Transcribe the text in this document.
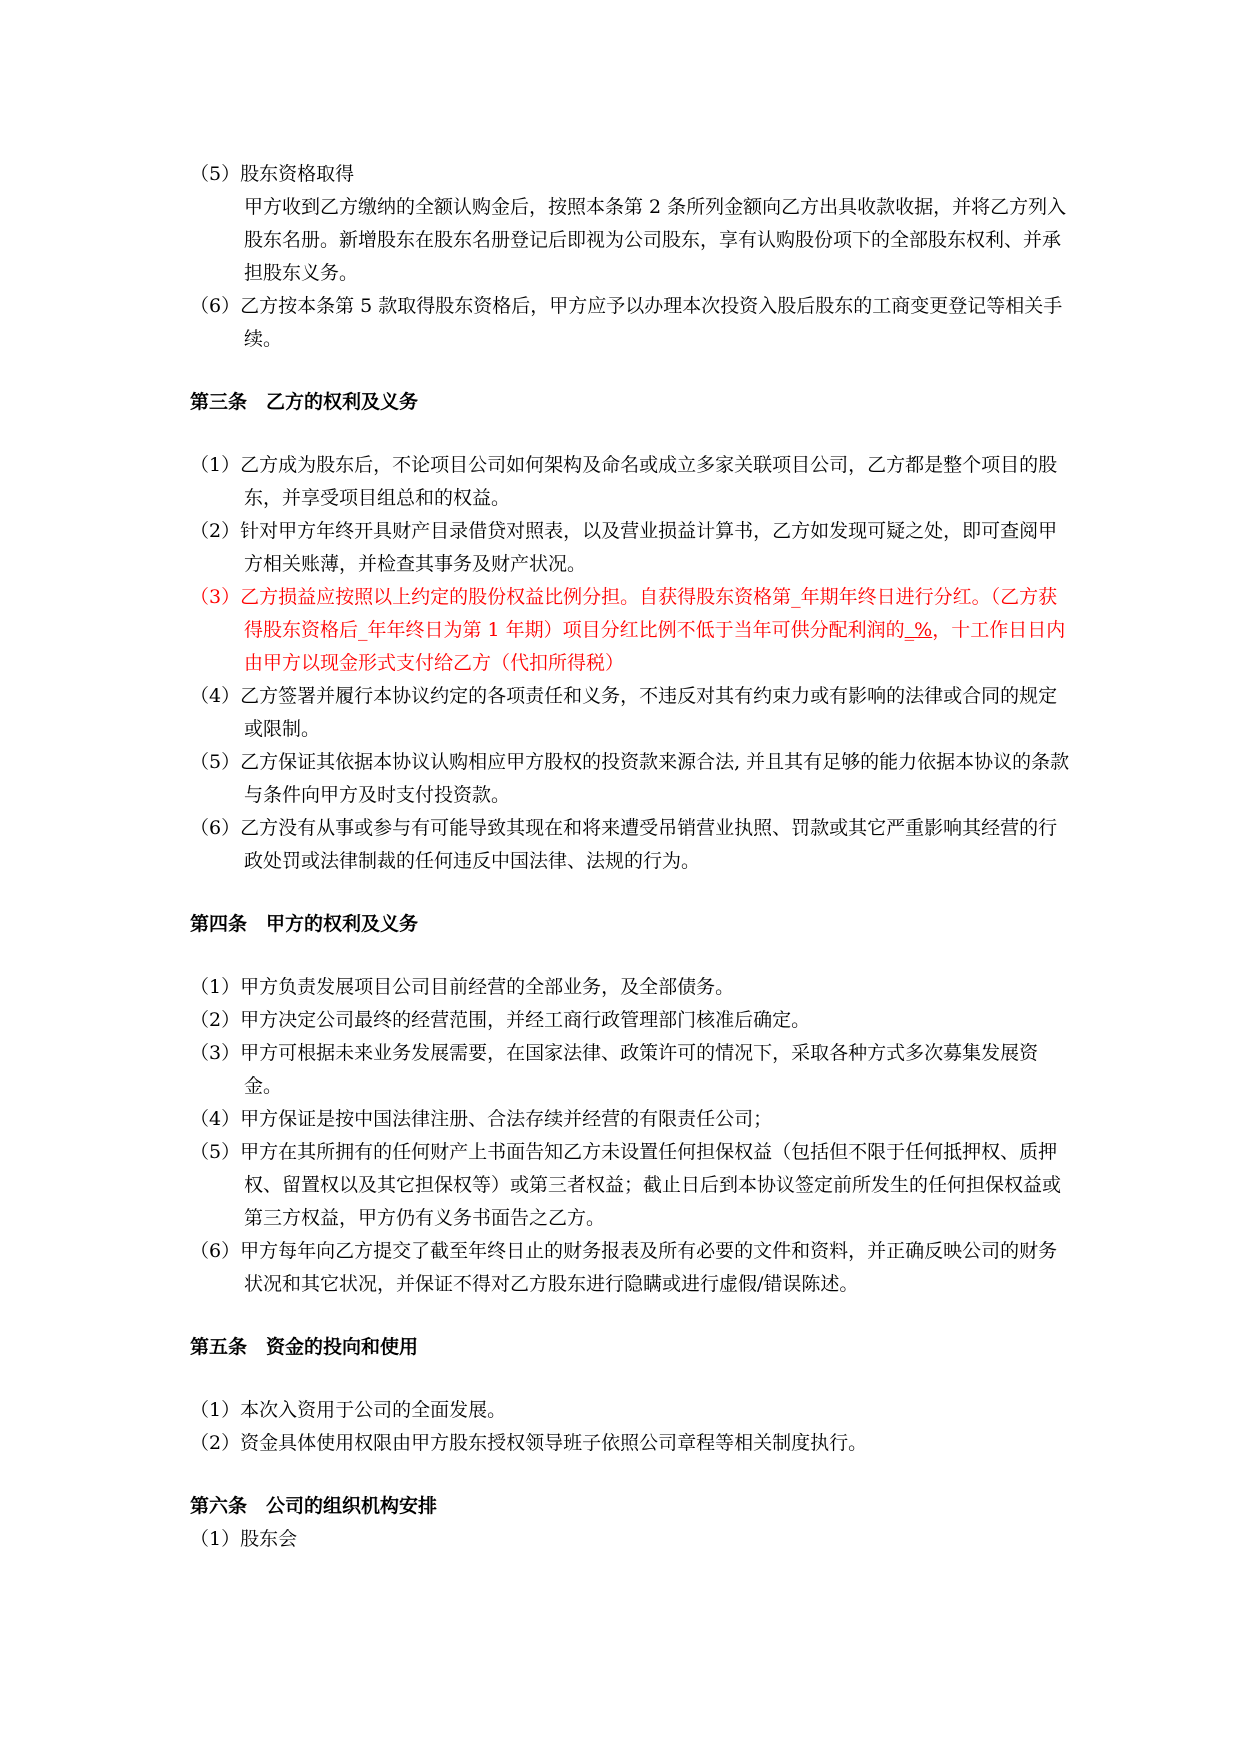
（5）股东资格取得

甲方收到乙方缴纳的全额认购金后，按照本条第 2 条所列金额向乙方出具收款收据，并将乙方列入股东名册。新增股东在股东名册登记后即视为公司股东，享有认购股份项下的全部股东权利、并承担股东义务。

（6）乙方按本条第 5 款取得股东资格后，甲方应予以办理本次投资入股后股东的工商变更登记等相关手续。

第三条　乙方的权利及义务

（1）乙方成为股东后，不论项目公司如何架构及命名或成立多家关联项目公司，乙方都是整个项目的股东，并享受项目组总和的权益。

（2）针对甲方年终开具财产目录借贷对照表，以及营业损益计算书，乙方如发现可疑之处，即可查阅甲方相关账薄，并检查其事务及财产状况。

（3）乙方损益应按照以上约定的股份权益比例分担。自获得股东资格第_年期年终日进行分红。（乙方获得股东资格后_年年终日为第 1 年期）项目分红比例不低于当年可供分配利润的_%，十工作日日内由甲方以现金形式支付给乙方（代扣所得税）

（4）乙方签署并履行本协议约定的各项责任和义务，不违反对其有约束力或有影响的法律或合同的规定或限制。

（5）乙方保证其依据本协议认购相应甲方股权的投资款来源合法, 并且其有足够的能力依据本协议的条款与条件向甲方及时支付投资款。

（6）乙方没有从事或参与有可能导致其现在和将来遭受吊销营业执照、罚款或其它严重影响其经营的行政处罚或法律制裁的任何违反中国法律、法规的行为。

第四条　甲方的权利及义务

（1）甲方负责发展项目公司目前经营的全部业务，及全部债务。

（2）甲方决定公司最终的经营范围，并经工商行政管理部门核准后确定。

（3）甲方可根据未来业务发展需要，在国家法律、政策许可的情况下，采取各种方式多次募集发展资金。

（4）甲方保证是按中国法律注册、合法存续并经营的有限责任公司；

（5）甲方在其所拥有的任何财产上书面告知乙方未设置任何担保权益（包括但不限于任何抵押权、质押权、留置权以及其它担保权等）或第三者权益；截止日后到本协议签定前所发生的任何担保权益或第三方权益，甲方仍有义务书面告之乙方。

（6）甲方每年向乙方提交了截至年终日止的财务报表及所有必要的文件和资料，并正确反映公司的财务状况和其它状况，并保证不得对乙方股东进行隐瞒或进行虚假/错误陈述。

第五条　资金的投向和使用

（1）本次入资用于公司的全面发展。

（2）资金具体使用权限由甲方股东授权领导班子依照公司章程等相关制度执行。

第六条　公司的组织机构安排

（1）股东会
